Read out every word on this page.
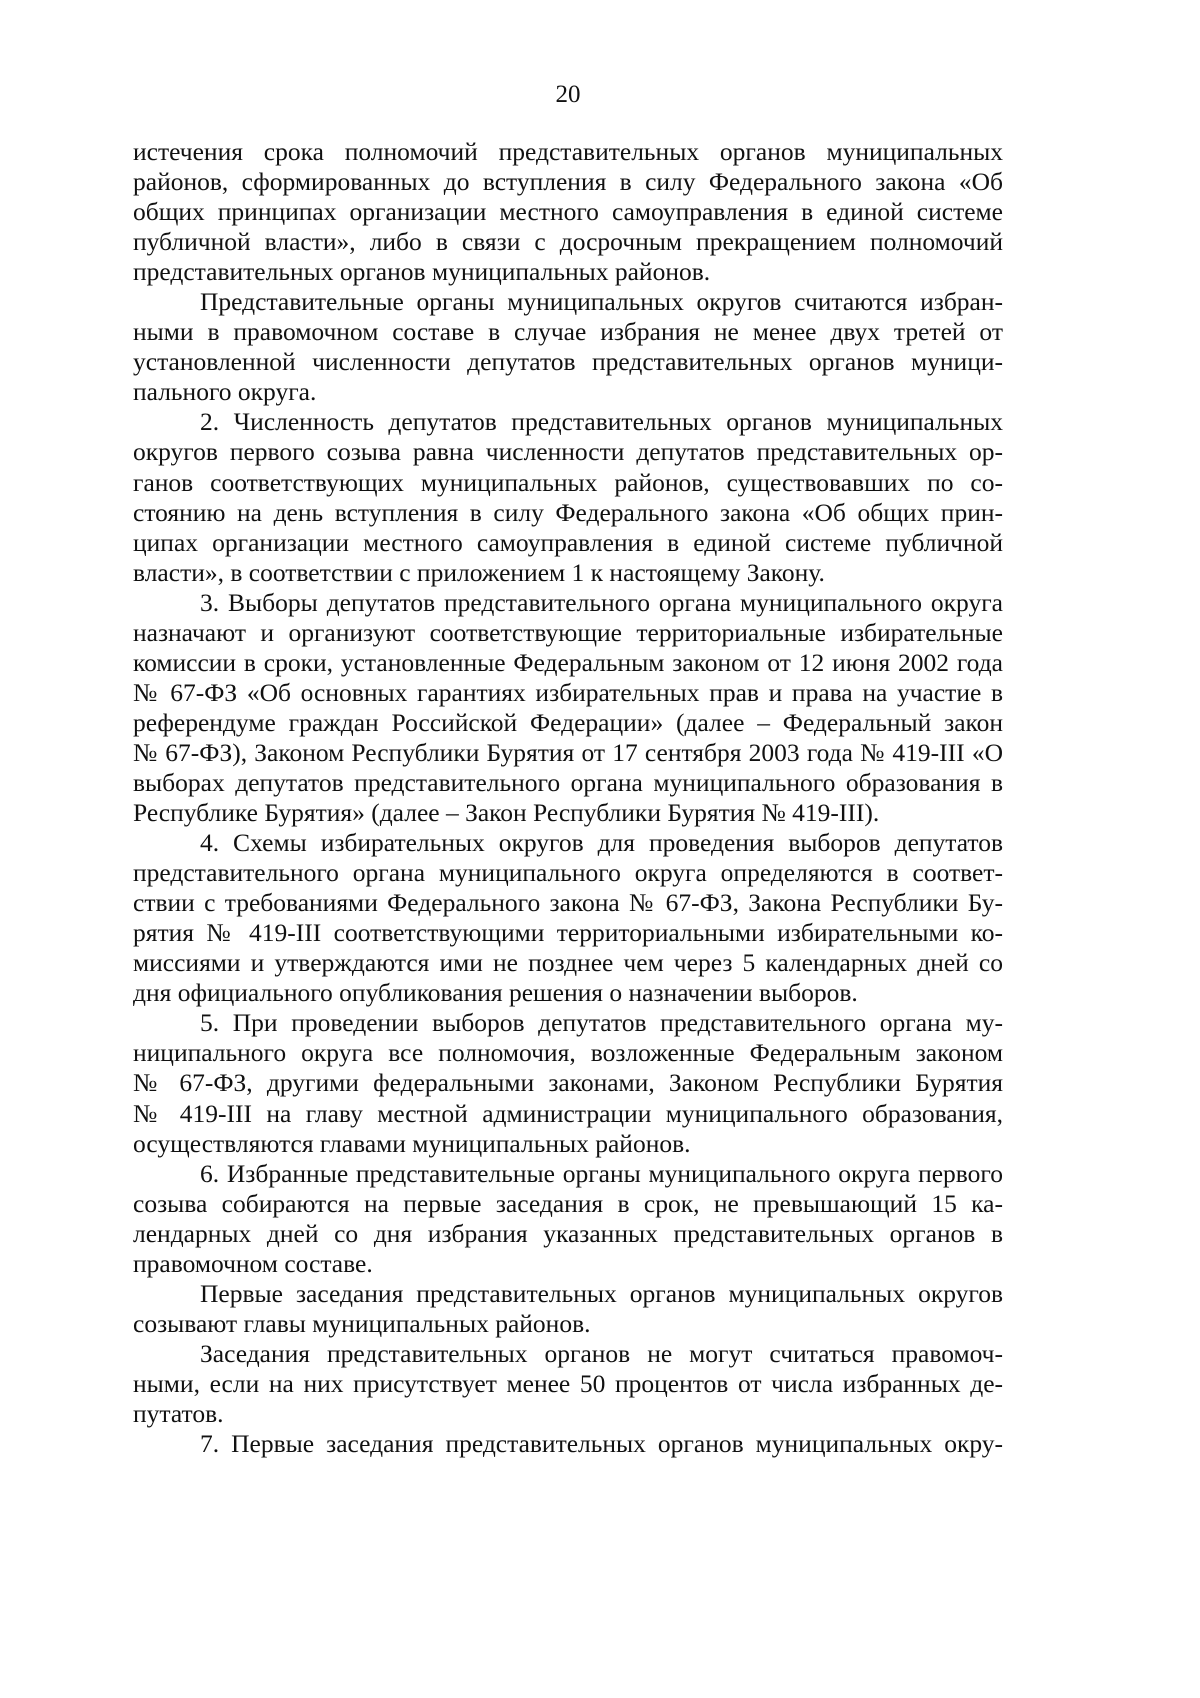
20
истечения срока полномочий представительных органов муниципальных
районов, сформированных до вступления в силу Федерального закона «Об
общих принципах организации местного самоуправления в единой системе
публичной власти», либо в связи с досрочным прекращением полномочий
представительных органов муниципальных районов.
Представительные органы муниципальных округов считаются избран-
ными в правомочном составе в случае избрания не менее двух третей от
установленной численности депутатов представительных органов муници-
пального округа.
2. Численность депутатов представительных органов муниципальных
округов первого созыва равна численности депутатов представительных ор-
ганов соответствующих муниципальных районов, существовавших по со-
стоянию на день вступления в силу Федерального закона «Об общих прин-
ципах организации местного самоуправления в единой системе публичной
власти», в соответствии с приложением 1 к настоящему Закону.
3. Выборы депутатов представительного органа муниципального округа
назначают и организуют соответствующие территориальные избирательные
комиссии в сроки, установленные Федеральным законом от 12 июня 2002 года
№ 67-ФЗ «Об основных гарантиях избирательных прав и права на участие в
референдуме граждан Российской Федерации» (далее – Федеральный закон
№ 67-ФЗ), Законом Республики Бурятия от 17 сентября 2003 года № 419-III «О
выборах депутатов представительного органа муниципального образования в
Республике Бурятия» (далее – Закон Республики Бурятия № 419-III).
4. Схемы избирательных округов для проведения выборов депутатов
представительного органа муниципального округа определяются в соответ-
ствии с требованиями Федерального закона № 67-ФЗ, Закона Республики Бу-
рятия № 419-III соответствующими территориальными избирательными ко-
миссиями и утверждаются ими не позднее чем через 5 календарных дней со
дня официального опубликования решения о назначении выборов.
5. При проведении выборов депутатов представительного органа му-
ниципального округа все полномочия, возложенные Федеральным законом
№ 67-ФЗ, другими федеральными законами, Законом Республики Бурятия
№ 419-III на главу местной администрации муниципального образования,
осуществляются главами муниципальных районов.
6. Избранные представительные органы муниципального округа первого
созыва собираются на первые заседания в срок, не превышающий 15 ка-
лендарных дней со дня избрания указанных представительных органов в
правомочном составе.
Первые заседания представительных органов муниципальных округов
созывают главы муниципальных районов.
Заседания представительных органов не могут считаться правомоч-
ными, если на них присутствует менее 50 процентов от числа избранных де-
путатов.
7. Первые заседания представительных органов муниципальных окру-
